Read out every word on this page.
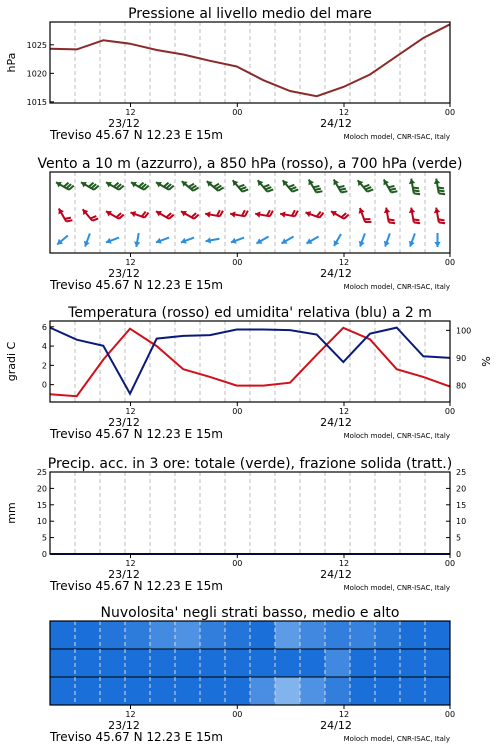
Pressione al livello medio del mare
1015
1020
1025
hPa
12	00	12	00
23/12	24/12
Treviso 45.67 N 12.23 E 15m	Moloch model, CNR-ISAC, Italy
Vento a 10 m (azzurro), a 850 hPa (rosso), a 700 hPa (verde)
12	00	12	00
23/12	24/12
Treviso 45.67 N 12.23 E 15m	Moloch model, CNR-ISAC, Italy
Temperatura (rosso) ed umidita' relativa (blu) a 2 m
0
2
4
6
80
90
100
gradi C	%
12	00	12	00
23/12	24/12
Treviso 45.67 N 12.23 E 15m	Moloch model, CNR-ISAC, Italy
Precip. acc. in 3 ore: totale (verde), frazione solida (tratt.)
0
5
10
15
20
25
0
5
10
15
20
25
mm
12	00	12	00
23/12	24/12
Treviso 45.67 N 12.23 E 15m	Moloch model, CNR-ISAC, Italy
Nuvolosita' negli strati basso, medio e alto
12	00	12	00
23/12	24/12
Treviso 45.67 N 12.23 E 15m	Moloch model, CNR-ISAC, Italy
